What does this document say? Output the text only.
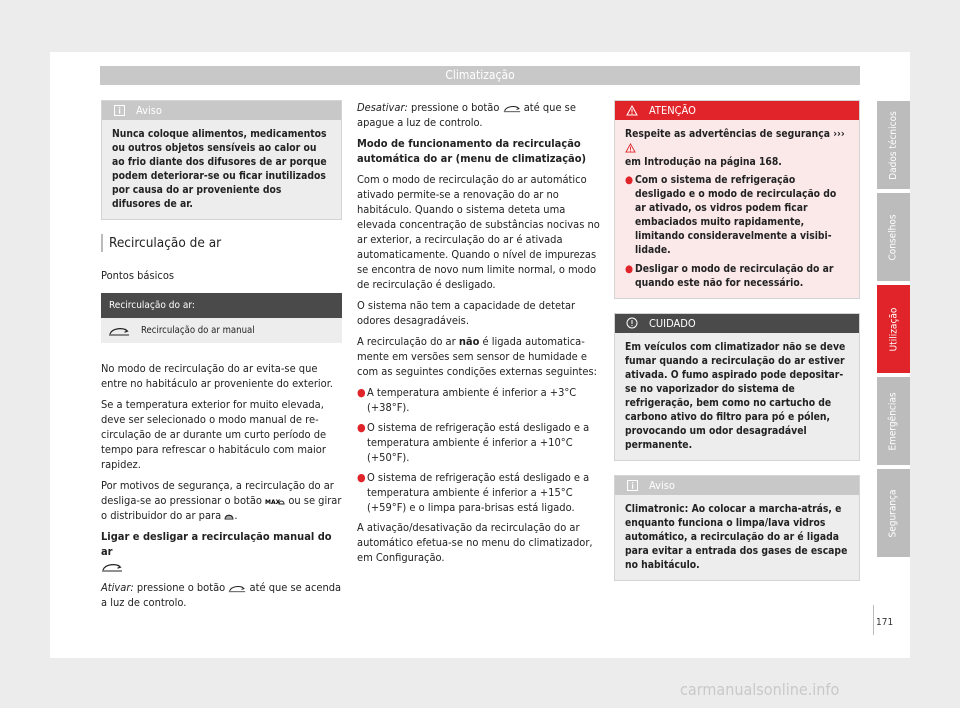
Climatização
Aviso
Nunca coloque alimentos, medicamentos ou outros objetos sensíveis ao calor ou ao frio diante dos difusores de ar porque podem deteriorar-se ou ficar inutilizados por causa do ar proveniente dos difusores de ar.
Recirculação de ar
Pontos básicos
Recirculação do ar:
	Recirculação do ar manual

No modo de recirculação do ar evita-se que entre no habitáculo ar proveniente do exterior.

Se a temperatura exterior for muito elevada, deve ser selecionado o modo manual de recirculação de ar durante um curto período de tempo para refrescar o habitáculo com maior rapidez.

Por motivos de segurança, a recirculação do ar desliga-se ao pressionar o botão MAX ou se girar o distribuidor do ar para .

Ligar e desligar a recirculação manual do ar

Ativar: pressione o botão até que se acenda a luz de controlo.

Desativar: pressione o botão até que se apague a luz de controlo.

Modo de funcionamento da recirculação automática do ar (menu de climatização)

Com o modo de recirculação do ar automático ativado permite-se a renovação do ar no habitáculo. Quando o sistema deteta uma elevada concentração de substâncias nocivas no ar exterior, a recirculação do ar é ativada automaticamente. Quando o nível de impurezas se encontra de novo num limite normal, o modo de recirculação é desligado.

O sistema não tem a capacidade de detetar odores desagradáveis.

A recirculação do ar não é ligada automaticamente em versões sem sensor de humidade e com as seguintes condições externas seguintes:

● A temperatura ambiente é inferior a +3°C (+38°F).
● O sistema de refrigeração está desligado e a temperatura ambiente é inferior a +10°C (+50°F).
● O sistema de refrigeração está desligado e a temperatura ambiente é inferior a +15°C (+59°F) e o limpa para-brisas está ligado.

A ativação/desativação da recirculação do ar automático efetua-se no menu do climatizador, em Configuração.

ATENÇÃO
Respeite as advertências de segurança ›››
em Introdução na página 168.
● Com o sistema de refrigeração desligado e o modo de recirculação do ar ativado, os vidros podem ficar embaciados muito rapidamente, limitando consideravelmente a visibilidade.
● Desligar o modo de recirculação do ar quando este não for necessário.
CUIDADO
Em veículos com climatizador não se deve fumar quando a recirculação do ar estiver ativada. O fumo aspirado pode depositar-se no vaporizador do sistema de refrigeração, bem como no cartucho de carbono ativo do filtro para pó e pólen, provocando um odor desagradável permanente.
Aviso
Climatronic: Ao colocar a marcha-atrás, e enquanto funciona o limpa/lava vidros automático, a recirculação do ar é ligada para evitar a entrada dos gases de escape no habitáculo.
Dados técnicos
Conselhos
Utilização
Emergências
Segurança
171
carmanualsonline.info
